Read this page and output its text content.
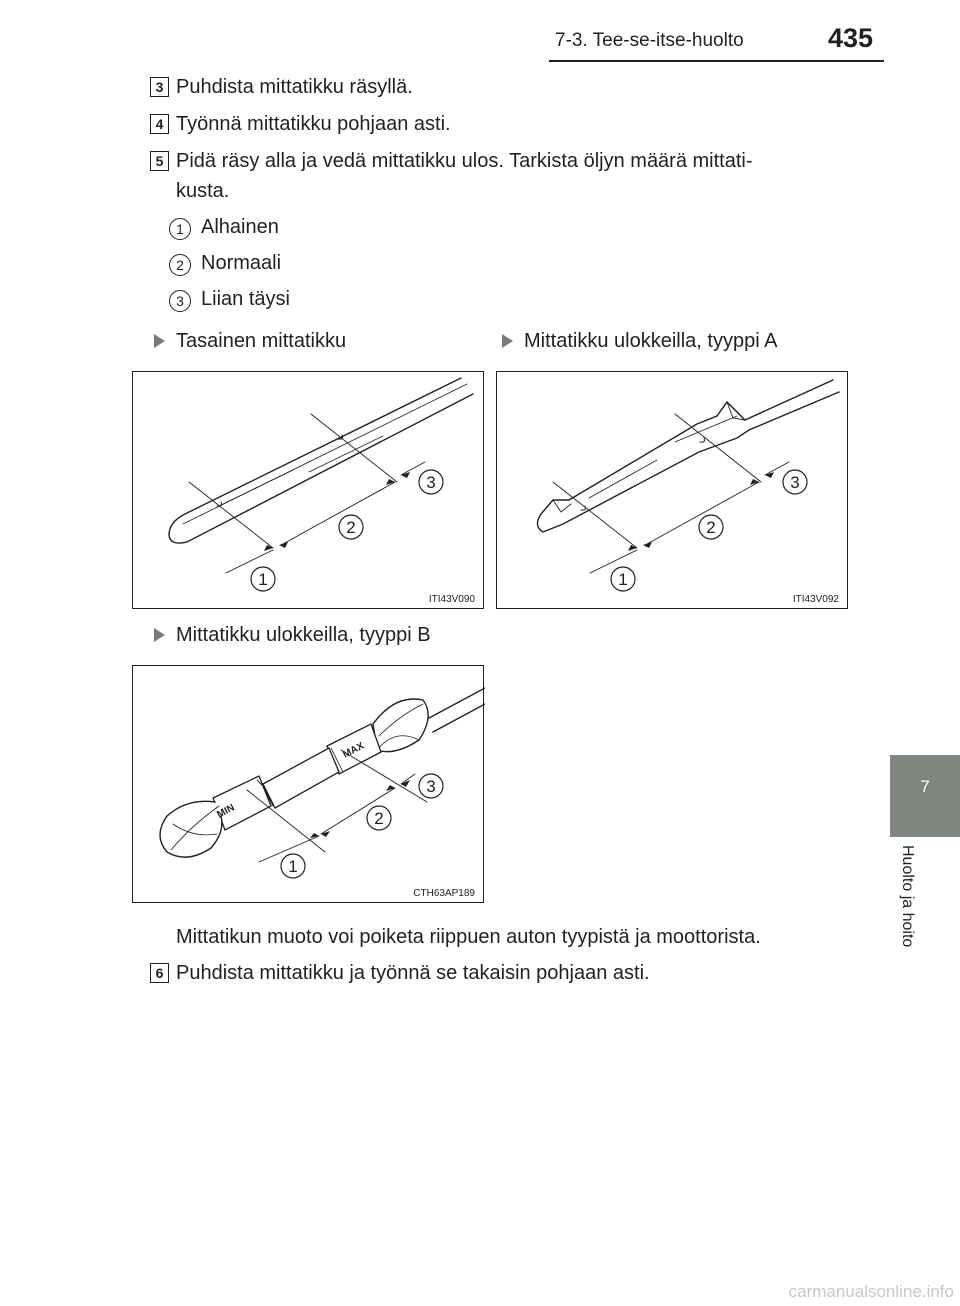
7-3. Tee-se-itse-huolto	435
7
Huolto ja hoito
3 Puhdista mittatikku räsyllä.
4 Työnnä mittatikku pohjaan asti.
5 Pidä räsy alla ja vedä mittatikku ulos. Tarkista öljyn määrä mittati-
kusta.
1 Alhainen
2 Normaali
3 Liian täysi
Tasainen mittatikku	Mittatikku ulokkeilla, tyyppi A
1
2
3
ITI43V090
1
2
3
ITI43V092
Mittatikku ulokkeilla, tyyppi B
MIN
MAX
1
2
3
CTH63AP189
Mittatikun muoto voi poiketa riippuen auton tyypistä ja moottorista.
6 Puhdista mittatikku ja työnnä se takaisin pohjaan asti.
carmanualsonline.info
